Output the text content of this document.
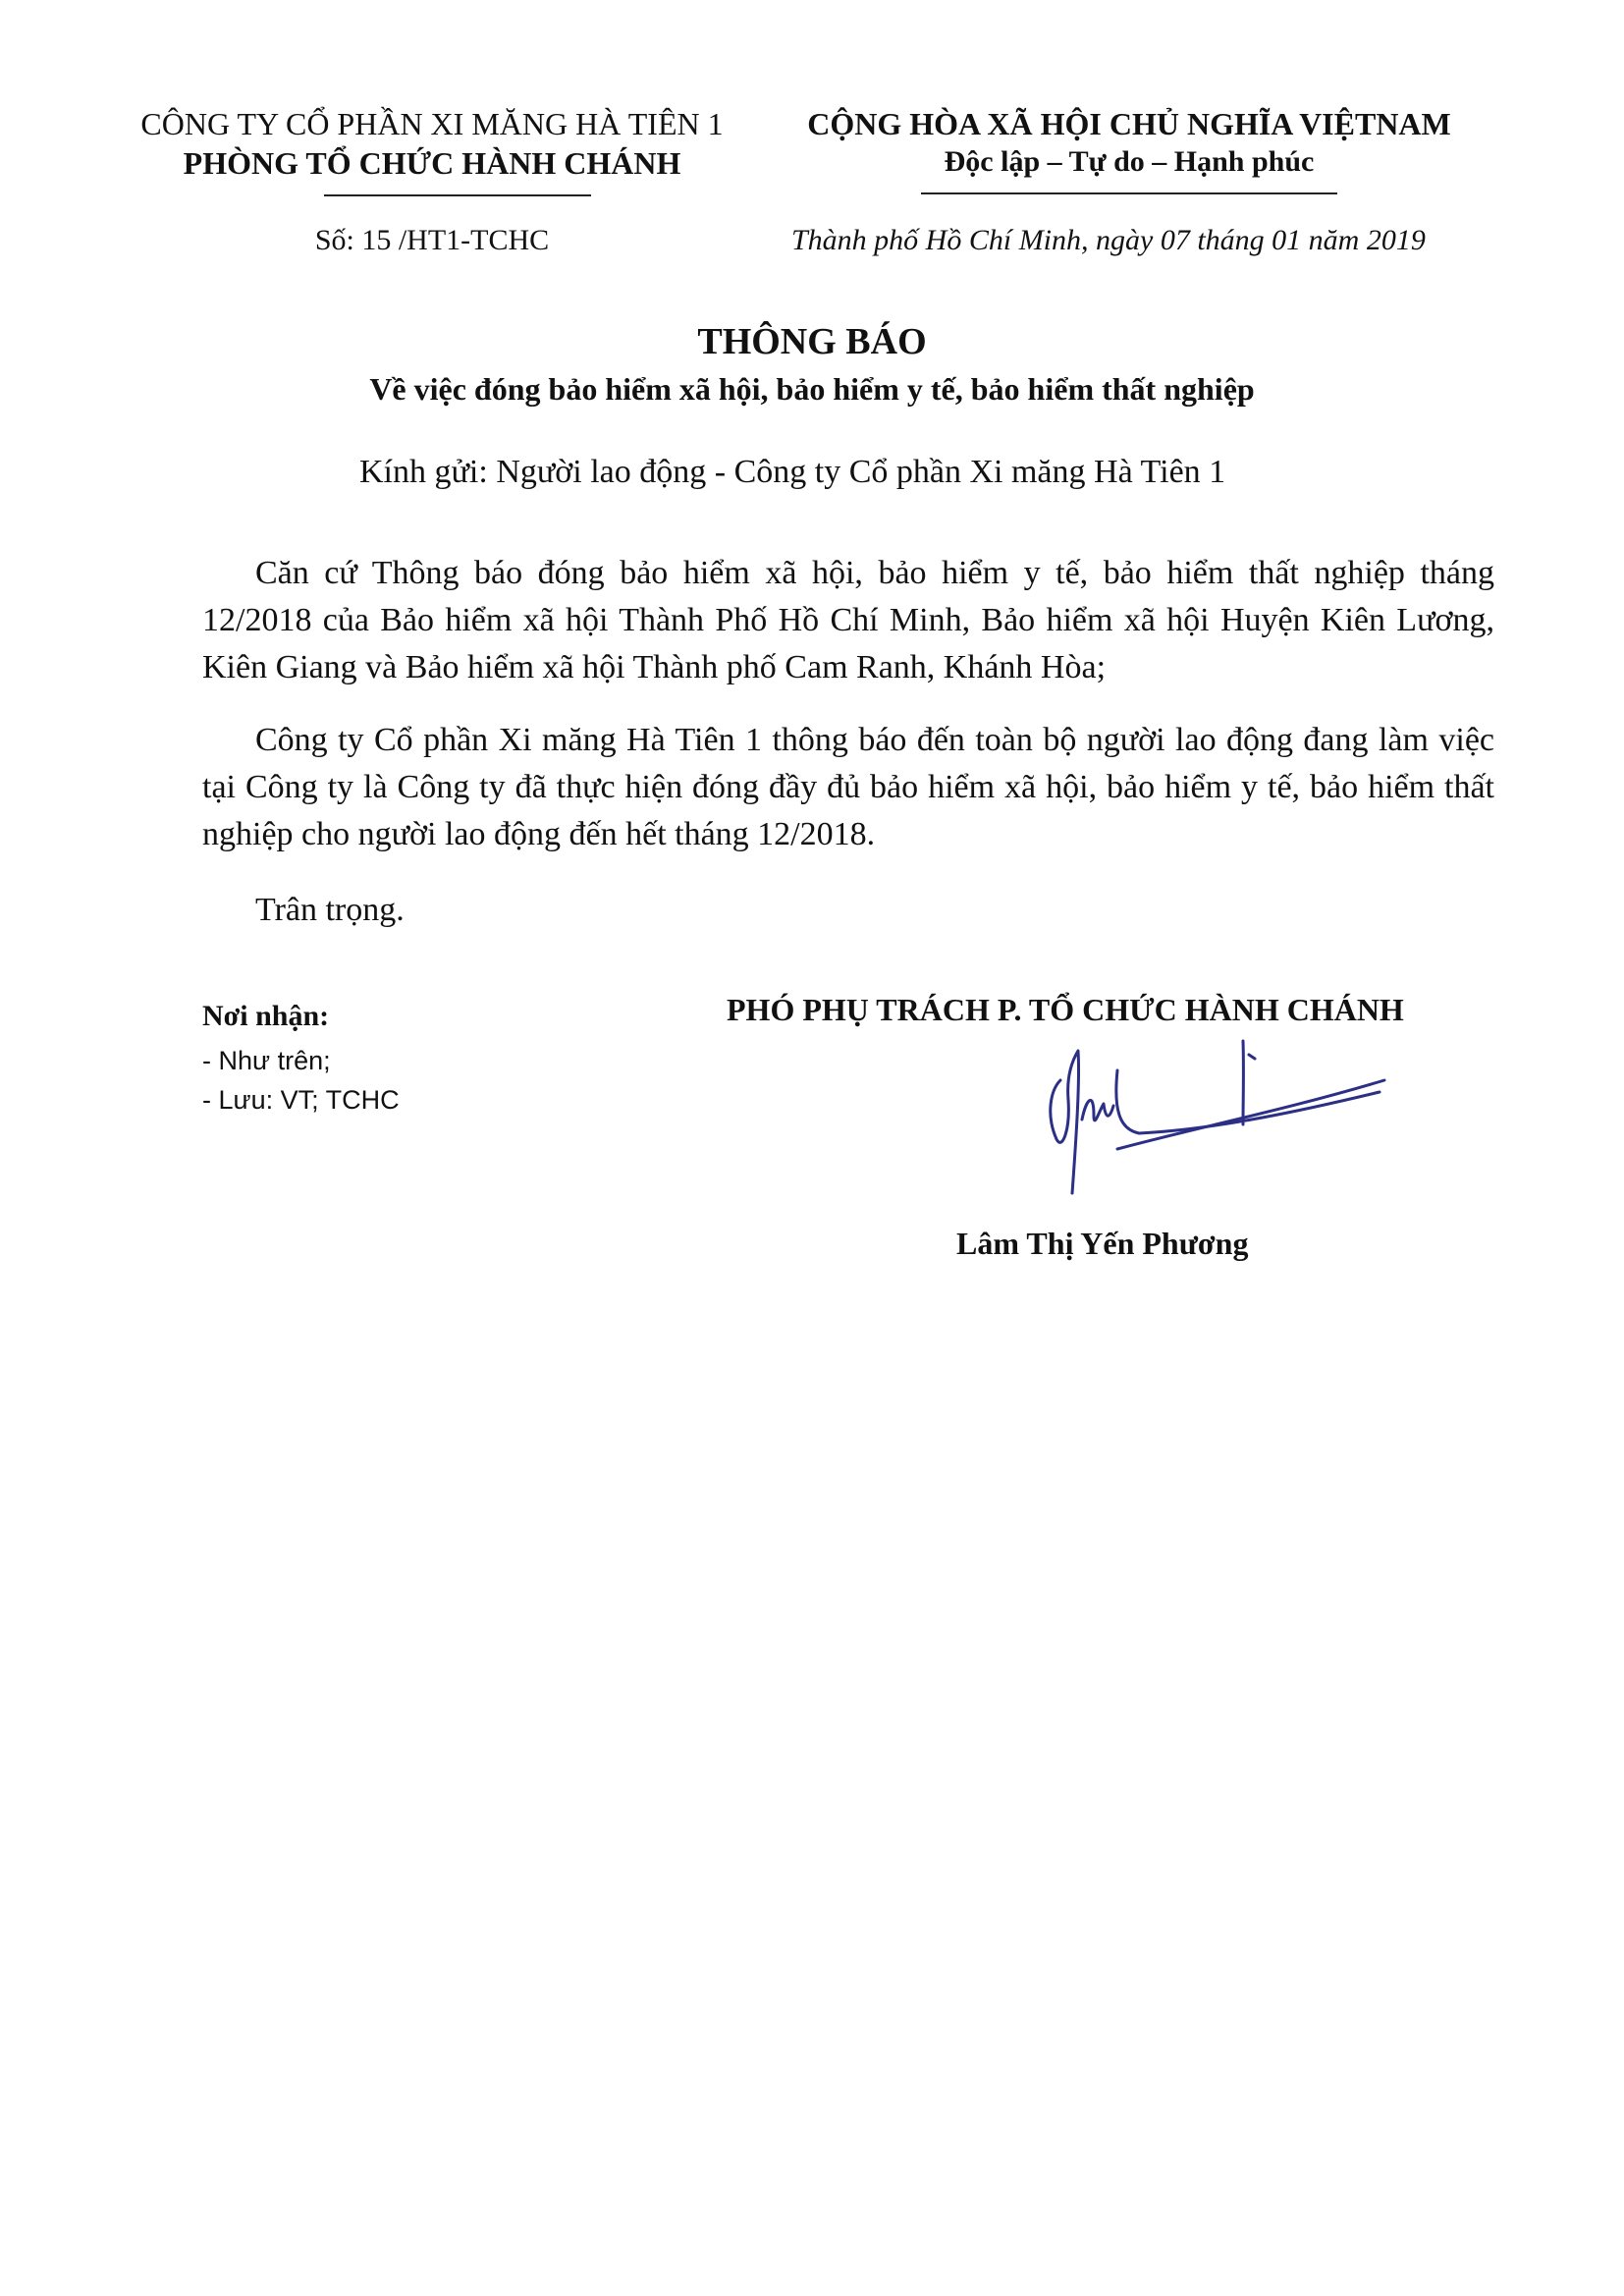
CÔNG TY CỔ PHẦN XI MĂNG HÀ TIÊN 1
PHÒNG TỔ CHỨC HÀNH CHÁNH
CỘNG HÒA XÃ HỘI CHỦ NGHĨA VIỆTNAM
Độc lập – Tự do – Hạnh phúc
Số: 15 /HT1-TCHC	Thành phố Hồ Chí Minh, ngày 07 tháng 01 năm 2019
THÔNG BÁO
Về việc đóng bảo hiểm xã hội, bảo hiểm y tế, bảo hiểm thất nghiệp
Kính gửi: Người lao động - Công ty Cổ phần Xi măng Hà Tiên 1
Căn cứ Thông báo đóng bảo hiểm xã hội, bảo hiểm y tế, bảo hiểm thất nghiệp tháng 12/2018 của Bảo hiểm xã hội Thành Phố Hồ Chí Minh, Bảo hiểm xã hội Huyện Kiên Lương, Kiên Giang và Bảo hiểm xã hội Thành phố Cam Ranh, Khánh Hòa;
Công ty Cổ phần Xi măng Hà Tiên 1 thông báo đến toàn bộ người lao động đang làm việc tại Công ty là Công ty đã thực hiện đóng đầy đủ bảo hiểm xã hội, bảo hiểm y tế, bảo hiểm thất nghiệp cho người lao động đến hết tháng 12/2018.
Trân trọng.
Nơi nhận:
- Như trên;
- Lưu: VT; TCHC
PHÓ PHỤ TRÁCH P. TỔ CHỨC HÀNH CHÁNH
Lâm Thị Yến Phương
